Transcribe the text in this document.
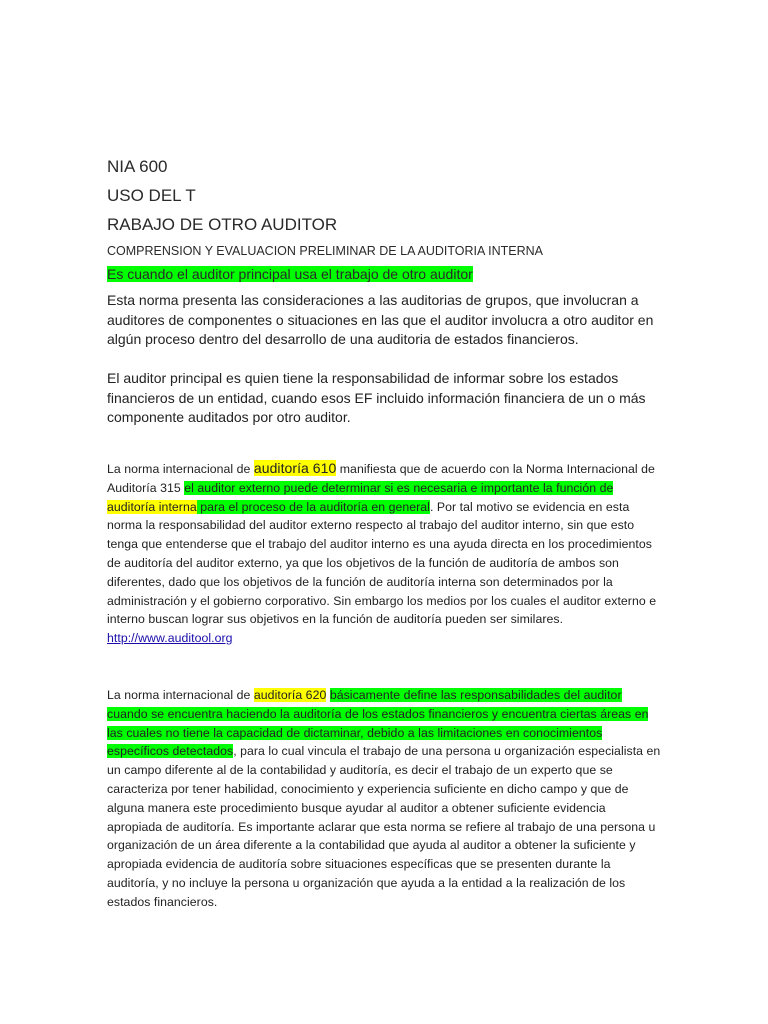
NIA 600
USO DEL T
RABAJO DE OTRO AUDITOR
COMPRENSION Y EVALUACION PRELIMINAR DE LA AUDITORIA INTERNA
Es cuando el auditor principal usa el trabajo de otro auditor
Esta norma presenta las consideraciones a las auditorias de grupos, que involucran a auditores de componentes o situaciones en las que el auditor involucra a otro auditor en algún proceso dentro del desarrollo de una auditoria de estados financieros.
El auditor principal es quien tiene la responsabilidad de informar sobre los estados financieros de un entidad, cuando esos EF incluido información financiera de un o más componente auditados por otro auditor.
La norma internacional de auditoría 610 manifiesta que de acuerdo con la Norma Internacional de Auditoría 315 el auditor externo puede determinar si es necesaria e importante la función de auditoría interna para el proceso de la auditoría en general. Por tal motivo se evidencia en esta norma la responsabilidad del auditor externo respecto al trabajo del auditor interno, sin que esto tenga que entenderse que el trabajo del auditor interno es una ayuda directa en los procedimientos de auditoría del auditor externo, ya que los objetivos de la función de auditoría de ambos son diferentes, dado que los objetivos de la función de auditoría interna son determinados por la administración y el gobierno corporativo. Sin embargo los medios por los cuales el auditor externo e interno buscan lograr sus objetivos en la función de auditoría pueden ser similares. http://www.auditool.org
La norma internacional de auditoría 620 básicamente define las responsabilidades del auditor cuando se encuentra haciendo la auditoría de los estados financieros y encuentra ciertas áreas en las cuales no tiene la capacidad de dictaminar, debido a las limitaciones en conocimientos específicos detectados, para lo cual vincula el trabajo de una persona u organización especialista en un campo diferente al de la contabilidad y auditoría, es decir el trabajo de un experto que se caracteriza por tener habilidad, conocimiento y experiencia suficiente en dicho campo y que de alguna manera este procedimiento busque ayudar al auditor a obtener suficiente evidencia apropiada de auditoría. Es importante aclarar que esta norma se refiere al trabajo de una persona u organización de un área diferente a la contabilidad que ayuda al auditor a obtener la suficiente y apropiada evidencia de auditoría sobre situaciones específicas que se presenten durante la auditoría, y no incluye la persona u organización que ayuda a la entidad a la realización de los estados financieros.
